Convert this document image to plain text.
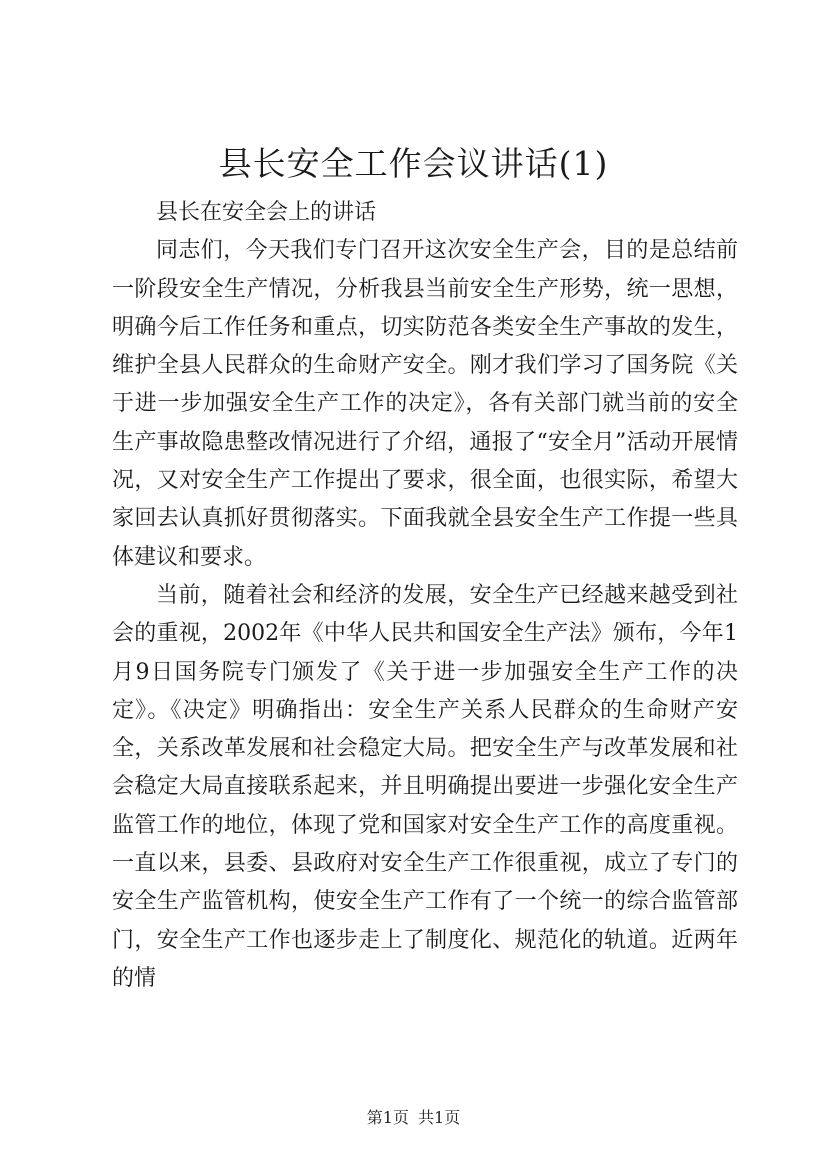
县长安全工作会议讲话(1)

县长在安全会上的讲话

同志们，今天我们专门召开这次安全生产会，目的是总结前一阶段安全生产情况，分析我县当前安全生产形势，统一思想，明确今后工作任务和重点，切实防范各类安全生产事故的发生，维护全县人民群众的生命财产安全。刚才我们学习了国务院《关于进一步加强安全生产工作的决定》，各有关部门就当前的安全生产事故隐患整改情况进行了介绍，通报了“安全月”活动开展情况，又对安全生产工作提出了要求，很全面，也很实际，希望大家回去认真抓好贯彻落实。下面我就全县安全生产工作提一些具体建议和要求。

当前，随着社会和经济的发展，安全生产已经越来越受到社会的重视，2002年《中华人民共和国安全生产法》颁布，今年1月9日国务院专门颁发了《关于进一步加强安全生产工作的决定》。《决定》明确指出：安全生产关系人民群众的生命财产安全，关系改革发展和社会稳定大局。把安全生产与改革发展和社会稳定大局直接联系起来，并且明确提出要进一步强化安全生产监管工作的地位，体现了党和国家对安全生产工作的高度重视。一直以来，县委、县政府对安全生产工作很重视，成立了专门的安全生产监管机构，使安全生产工作有了一个统一的综合监管部门，安全生产工作也逐步走上了制度化、规范化的轨道。近两年的情

第1页 共1页
